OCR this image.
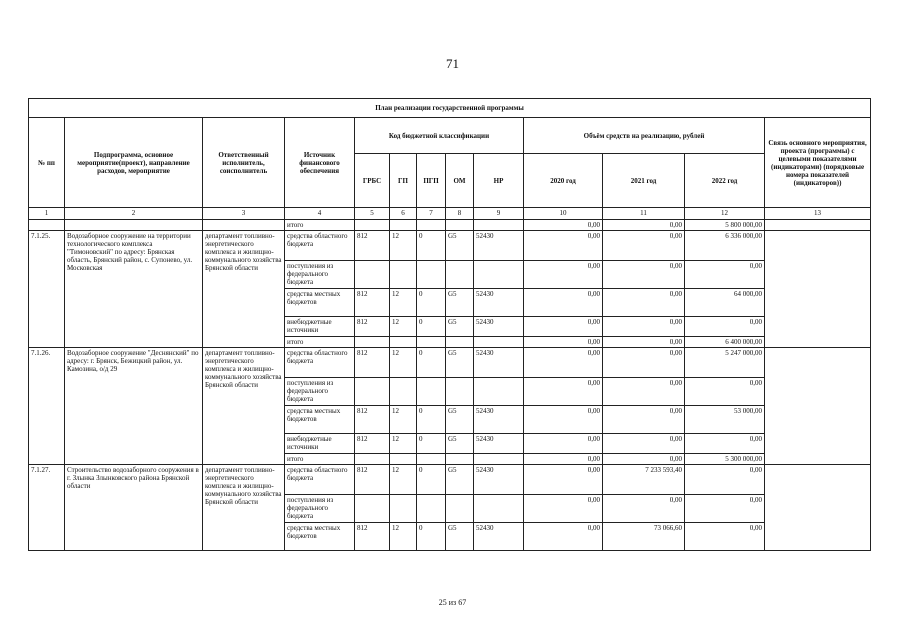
71
План реализации государственной программы												
№ пп	Подпрограмма, основное мероприятие(проект), направление расходов, мероприятие	Ответственный исполнитель, соисполнитель	Источник финансового обеспечения	Код бюджетной классификации					Объём средств на реализацию, рублей			Связь основного мероприятия, проекта (программы) с целевыми показателями (индикаторами) (порядковые номера показателей (индикаторов))
				ГРБС	ГП	ПГП	ОМ	НР	2020 год	2021 год	2022 год	
1	2	3	4	5	6	7	8	9	10	11	12	13
			итого						0,00	0,00	5 800 000,00	
7.1.25.	Водозаборное сооружение на территории технологического комплекса "Тимоновский" по адресу: Брянская область, Брянский район, с. Супонево, ул. Московская	департамент топливно-энергетического комплекса и жилищно-коммунального хозяйства Брянской области	средства областного бюджета	812	12	0	G5	52430	0,00	0,00	6 336 000,00	
			поступления из федерального бюджета						0,00	0,00	0,00	
			средства местных бюджетов	812	12	0	G5	52430	0,00	0,00	64 000,00	
			внебюджетные источники	812	12	0	G5	52430	0,00	0,00	0,00	
			итого						0,00	0,00	6 400 000,00	
7.1.26.	Водозаборное сооружение "Деснянский" по адресу: г. Брянск, Бежицкий район, ул. Камозина, о/д 29	департамент топливно-энергетического комплекса и жилищно-коммунального хозяйства Брянской области	средства областного бюджета	812	12	0	G5	52430	0,00	0,00	5 247 000,00	
			поступления из федерального бюджета						0,00	0,00	0,00	
			средства местных бюджетов	812	12	0	G5	52430	0,00	0,00	53 000,00	
			внебюджетные источники	812	12	0	G5	52430	0,00	0,00	0,00	
			итого						0,00	0,00	5 300 000,00	
7.1.27.	Строительство водозаборного сооружения в г. Злынка Злынковского района Брянской области	департамент топливно-энергетического комплекса и жилищно-коммунального хозяйства Брянской области	средства областного бюджета	812	12	0	G5	52430	0,00	7 233 593,40	0,00	
			поступления из федерального бюджета						0,00	0,00	0,00	
			средства местных бюджетов	812	12	0	G5	52430	0,00	73 066,60	0,00	
25 из 67
